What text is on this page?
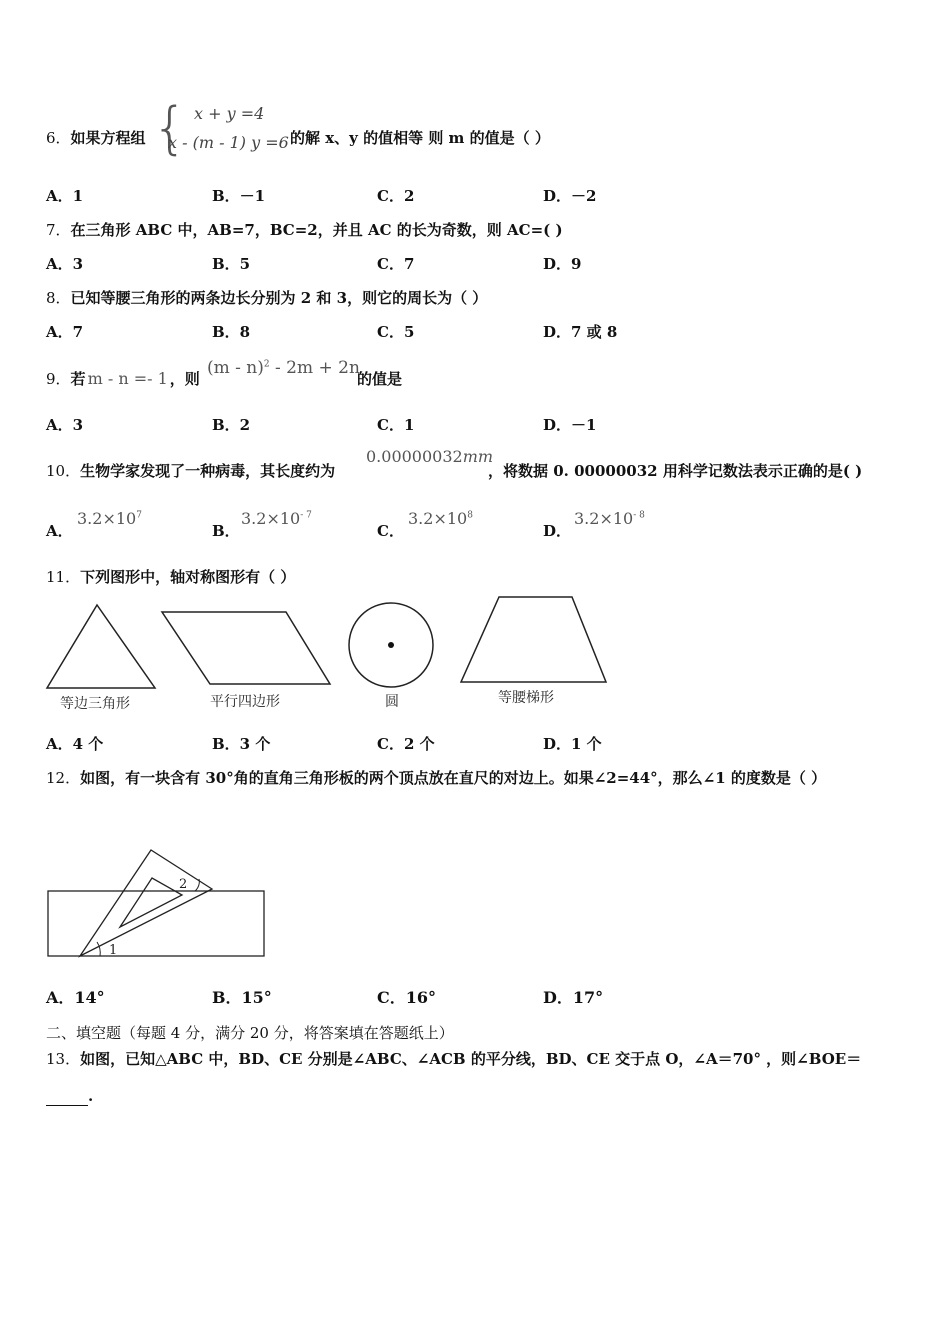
6．如果方程组 { x + y =4
x - (m - 1) y =6 的解 x、y 的值相等 则 m 的值是（ ）
A．1	B．－1	C．2	D．－2
7．在三角形 ABC 中，AB=7，BC=2，并且 AC 的长为奇数，则 AC=( )
A．3	B．5	C．7	D．9
8．已知等腰三角形的两条边长分别为 2 和 3，则它的周长为（ ）
A．7	B．8	C．5	D．7 或 8
9．若 m - n =- 1 ，则
(m - n)$^2$ - 2m + 2n
的值是
A．3	B．2	C．1	D．－1
10．生物学家发现了一种病毒，其长度约为
0.00000032mm
，将数据 0. 00000032 用科学记数法表示正确的是( )
A．
$3.2\times 10^7$
B．
$3.2\times 10^{- 7}$
C．
$3.2\times 10^8$
D．
$3.2\times 10^{- 8}$
11．下列图形中，轴对称图形有（ ）
等边三角形	平行四边形	圆	等腰梯形
A．4 个	B．3 个	C．2 个	D．1 个
12．如图，有一块含有 30°角的直角三角形板的两个顶点放在直尺的对边上。如果∠2=44°，那么∠1 的度数是（ ）
2
1
A．14°	B．15°	C．16°	D．17°
二、填空题（每题 4 分，满分 20 分，将答案填在答题纸上）
13．如图，已知△ABC 中，BD、CE 分别是∠ABC、∠ACB 的平分线，BD、CE 交于点 O，∠A＝70° ，则∠BOE＝
.
